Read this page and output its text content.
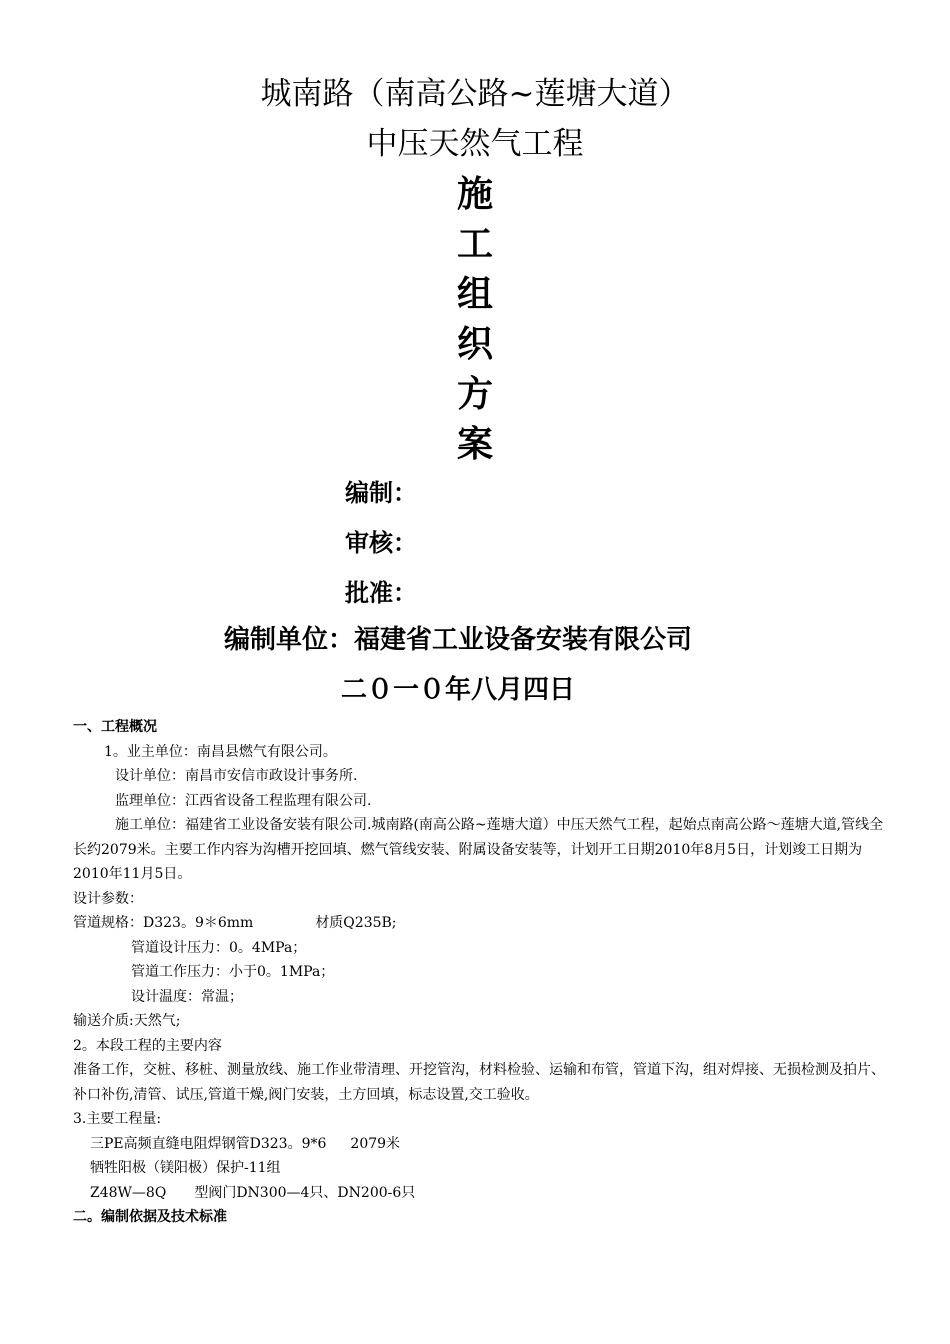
城南路（南高公路~莲塘大道）
中压天然气工程
施
工
组
织
方
案
编制：
审核：
批准：
编制单位：福建省工业设备安装有限公司
二０一０年八月四日

一、工程概况

1。业主单位：南昌县燃气有限公司。

设计单位：南昌市安信市政设计事务所.

监理单位：江西省设备工程监理有限公司.

施工单位：福建省工业设备安装有限公司.城南路(南高公路~莲塘大道）中压天然气工程，起始点南高公路～莲塘大道,管线全长约2079米。主要工作内容为沟槽开挖回填、燃气管线安装、附属设备安装等，计划开工日期2010年8月5日，计划竣工日期为2010年11月5日。

设计参数：

管道规格：D323。9＊6mm	材质Q235B;

管道设计压力：0。4MPa；

管道工作压力：小于0。1MPa；

设计温度：常温；

输送介质:天然气;

2。本段工程的主要内容

准备工作，交桩、移桩、测量放线、施工作业带清理、开挖管沟，材料检验、运输和布管，管道下沟，组对焊接、无损检测及拍片、补口补伤,清管、试压,管道干燥,阀门安装，土方回填，标志设置,交工验收。

3.主要工程量:

三PE高频直缝电阻焊钢管D323。9*6 2079米

牺牲阳极（镁阳极）保护-11组

Z48W—8Q 型阀门DN300—4只、DN200-6只

二。编制依据及技术标准
